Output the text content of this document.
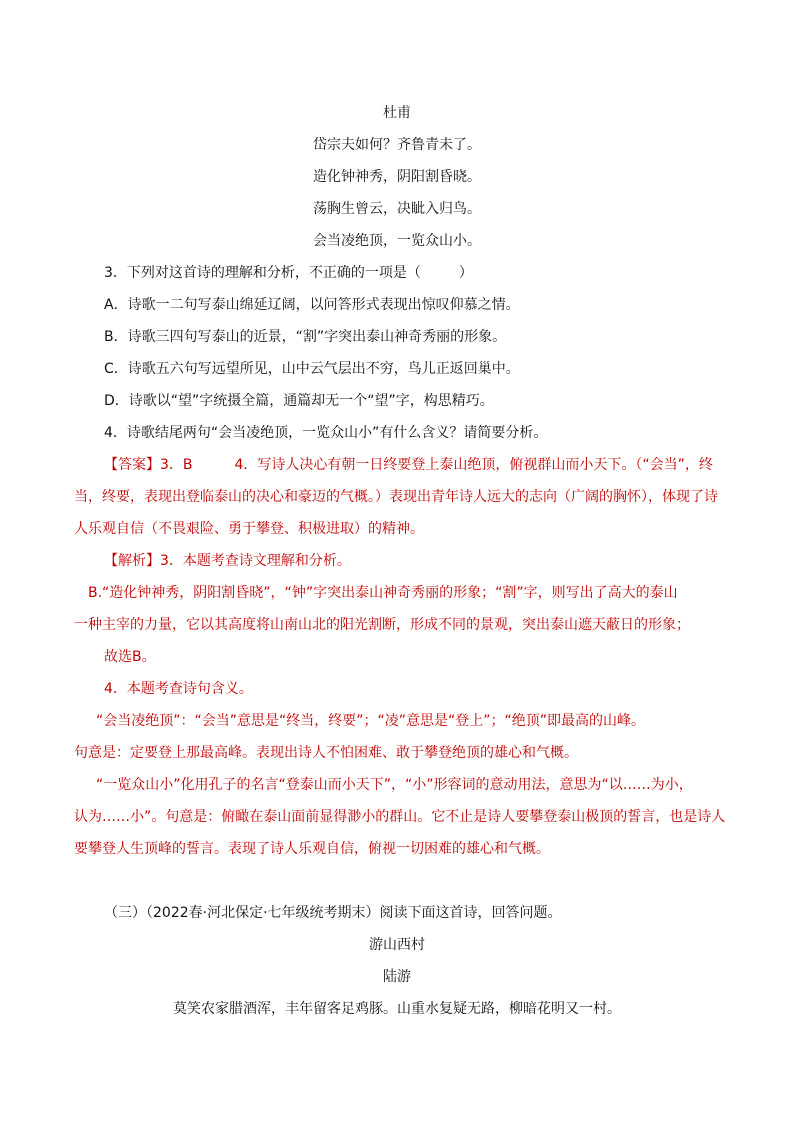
杜甫
岱宗夫如何？齐鲁青未了。
造化钟神秀，阴阳割昏晓。
荡胸生曾云，决眦入归鸟。
会当凌绝顶，一览众山小。
3．下列对这首诗的理解和分析，不正确的一项是（	）
A．诗歌一二句写泰山绵延辽阔，以问答形式表现出惊叹仰慕之情。
B．诗歌三四句写泰山的近景，“割”字突出泰山神奇秀丽的形象。
C．诗歌五六句写远望所见，山中云气层出不穷，鸟儿正返回巢中。
D．诗歌以“望”字统摄全篇，通篇却无一个“望”字，构思精巧。
4．诗歌结尾两句“会当凌绝顶，一览众山小”有什么含义？请简要分析。
【答案】3．B　　　4．写诗人决心有朝一日终要登上泰山绝顶，俯视群山而小天下。（“会当”，终
当，终要，表现出登临泰山的决心和豪迈的气概。）表现出青年诗人远大的志向（广阔的胸怀），体现了诗
人乐观自信（不畏艰险、勇于攀登、积极进取）的精神。
【解析】3．本题考查诗文理解和分析。
B.“造化钟神秀，阴阳割昏晓”，“钟”字突出泰山神奇秀丽的形象；“割”字，则写出了高大的泰山
一种主宰的力量，它以其高度将山南山北的阳光割断，形成不同的景观，突出泰山遮天蔽日的形象；
故选B。
4．本题考查诗句含义。
“会当凌绝顶”：“会当”意思是“终当，终要”；“凌”意思是“登上”；“绝顶”即最高的山峰。
句意是：定要登上那最高峰。表现出诗人不怕困难、敢于攀登绝顶的雄心和气概。
“一览众山小”化用孔子的名言“登泰山而小天下”，“小”形容词的意动用法，意思为“以……为小，
认为……小”。句意是：俯瞰在泰山面前显得渺小的群山。它不止是诗人要攀登泰山极顶的誓言，也是诗人
要攀登人生顶峰的誓言。表现了诗人乐观自信，俯视一切困难的雄心和气概。
（三）（2022春·河北保定·七年级统考期末）阅读下面这首诗，回答问题。
游山西村
陆游
莫笑农家腊酒浑，丰年留客足鸡豚。山重水复疑无路，柳暗花明又一村。
